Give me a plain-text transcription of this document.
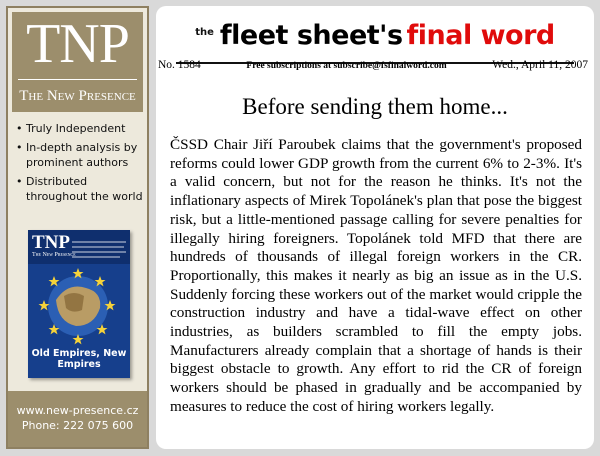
TNP
The New Presence
• Truly Independent
• In-depth analysis by prominent authors
• Distributed throughout the world
TNP
The New Presence
Old Empires, New Empires
www.new-presence.cz
Phone: 222 075 600
$^{the}$ fleet sheet's final word
No. 1584	Free subscriptions at subscribe@fsfinalword.com	Wed., April 11, 2007
Before sending them home...

ČSSD Chair Jiří Paroubek claims that the government's proposed reforms could lower GDP growth from the current 6% to 2-3%. It's a valid concern, but not for the reason he thinks. It's not the inflationary aspects of Mirek Topolánek's plan that pose the biggest risk, but a little-mentioned passage calling for severe penalties for illegally hiring foreigners. Topolánek told MFD that there are hundreds of thousands of illegal foreign workers in the CR. Proportionally, this makes it nearly as big an issue as in the U.S. Suddenly forcing these workers out of the market would cripple the construction industry and have a tidal-wave effect on other industries, as builders scrambled to fill the empty jobs. Manufacturers already complain that a shortage of hands is their biggest obstacle to growth. Any effort to rid the CR of foreign workers should be phased in gradually and be accompanied by measures to reduce the cost of hiring workers legally.
